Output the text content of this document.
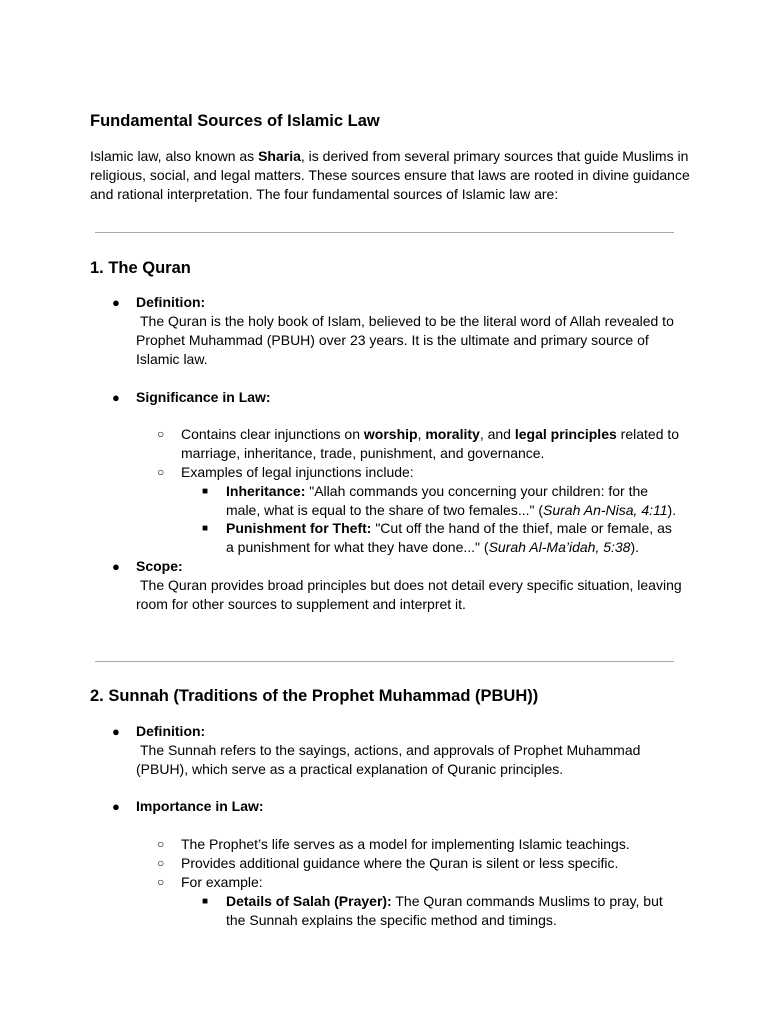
Fundamental Sources of Islamic Law

Islamic law, also known as Sharia, is derived from several primary sources that guide Muslims in religious, social, and legal matters. These sources ensure that laws are rooted in divine guidance and rational interpretation. The four fundamental sources of Islamic law are:

1. The Quran
● Definition:
The Quran is the holy book of Islam, believed to be the literal word of Allah revealed to Prophet Muhammad (PBUH) over 23 years. It is the ultimate and primary source of Islamic law.
● Significance in Law:
○ Contains clear injunctions on worship, morality, and legal principles related to marriage, inheritance, trade, punishment, and governance.
○ Examples of legal injunctions include:
■ Inheritance: "Allah commands you concerning your children: for the male, what is equal to the share of two females..." (Surah An-Nisa, 4:11).
■ Punishment for Theft: "Cut off the hand of the thief, male or female, as a punishment for what they have done..." (Surah Al-Ma’idah, 5:38).
● Scope:
The Quran provides broad principles but does not detail every specific situation, leaving room for other sources to supplement and interpret it.
2. Sunnah (Traditions of the Prophet Muhammad (PBUH))
● Definition:
The Sunnah refers to the sayings, actions, and approvals of Prophet Muhammad (PBUH), which serve as a practical explanation of Quranic principles.
● Importance in Law:
○ The Prophet’s life serves as a model for implementing Islamic teachings.
○ Provides additional guidance where the Quran is silent or less specific.
○ For example:
■ Details of Salah (Prayer): The Quran commands Muslims to pray, but the Sunnah explains the specific method and timings.
